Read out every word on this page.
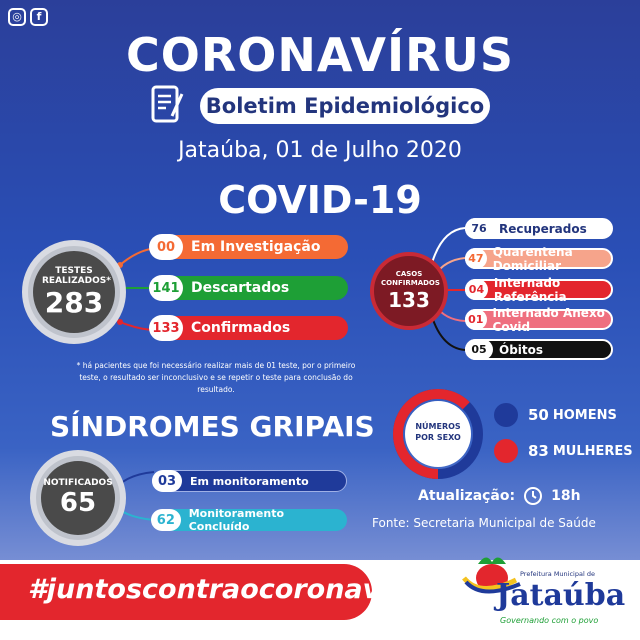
◎	f
CORONAVÍRUS
Boletim Epidemiológico
Jataúba, 01 de Julho 2020
COVID-19
TESTES REALIZADOS*
283
00	Em Investigação
141 Descartados
133 Confirmados
CASOS CONFIRMADOS
133
76	Recuperados
47 Quarentena Domiciliar
04 Internado Referência
01 Internado Anexo Covid
05	Óbitos
* há pacientes que foi necessário realizar mais de 01 teste, por o primeiro teste, o resultado ser inconclusivo e se repetir o teste para conclusão do resultado.
SÍNDROMES GRIPAIS
NOTIFICADOS
65
03	Em monitoramento
62	Monitoramento Concluído
NÚMEROS POR SEXO
50 HOMENS
83 MULHERES
Atualização:	18h
Fonte: Secretaria Municipal de Saúde
#juntoscontraocoronavírus	Prefeitura Municipal de
Jataúba
Governando com o povo
